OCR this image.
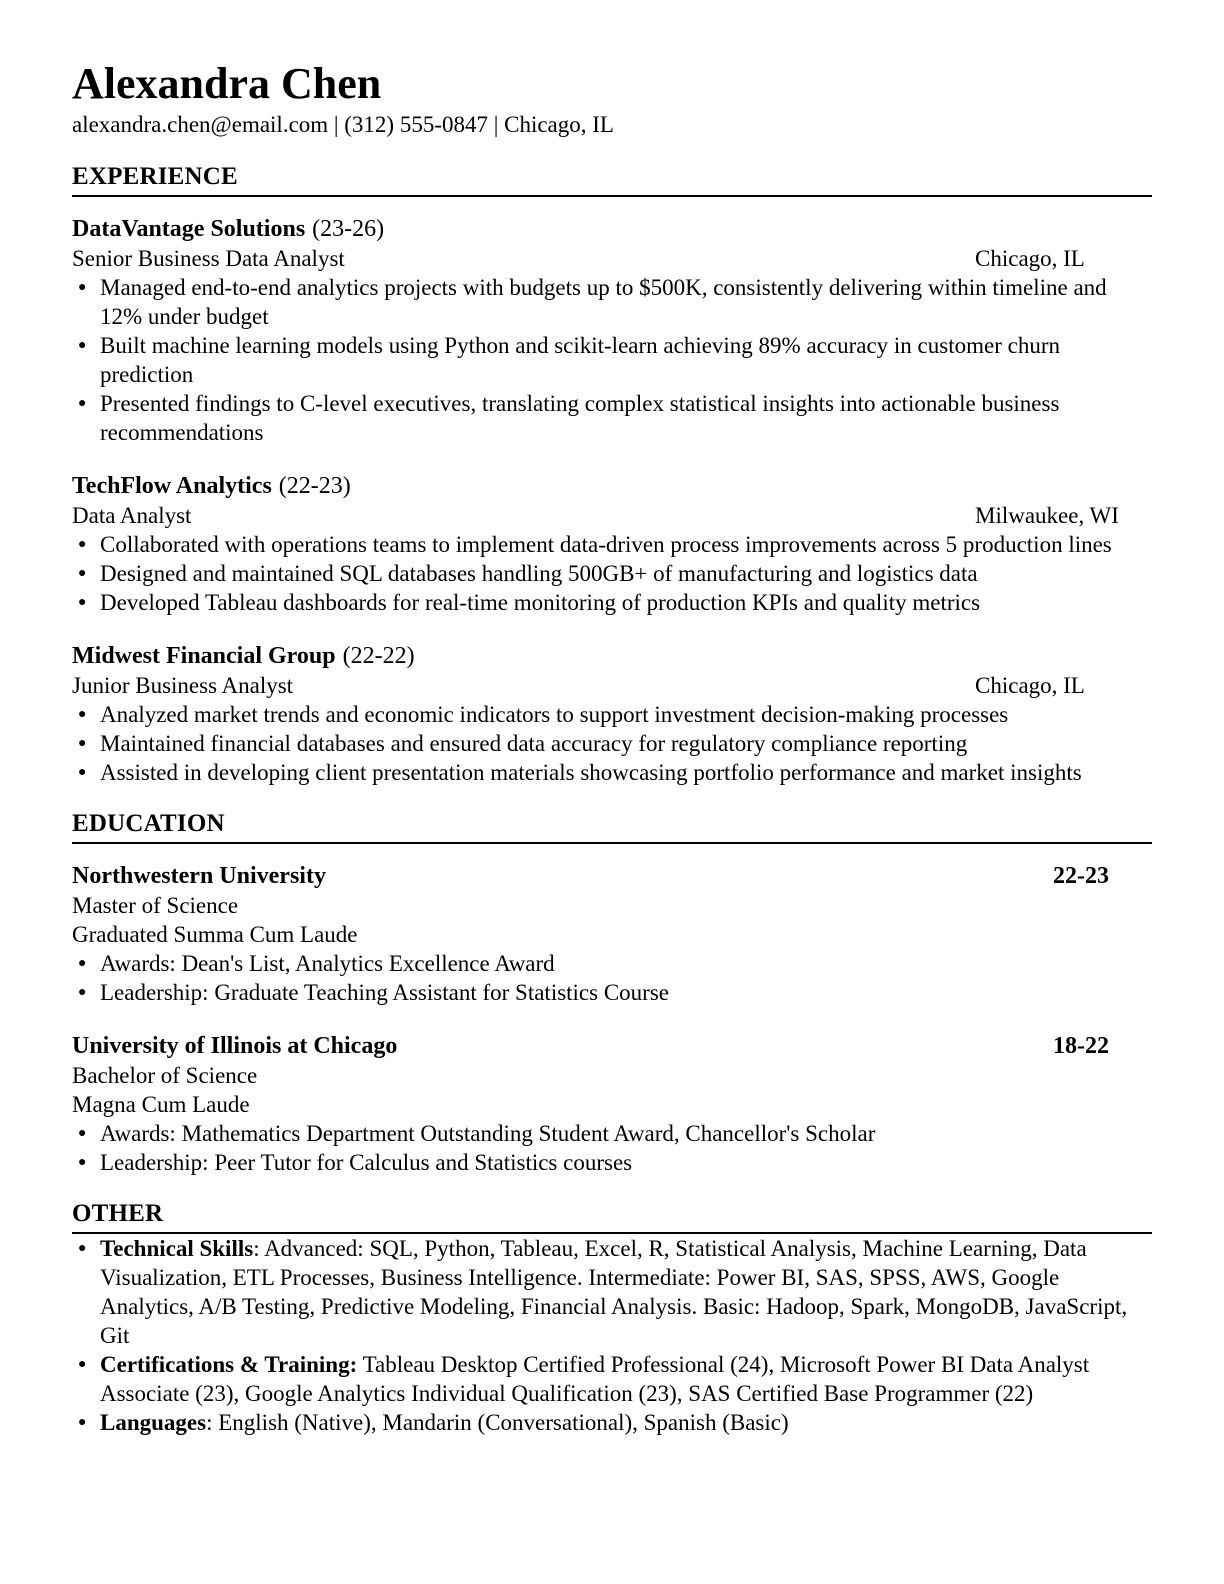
Alexandra Chen
alexandra.chen@email.com | (312) 555-0847 | Chicago, IL
EXPERIENCE
DataVantage Solutions (23-26)
Senior Business Data Analyst	Chicago, IL
● Managed end-to-end analytics projects with budgets up to $500K, consistently delivering within timeline and 12% under budget
● Built machine learning models using Python and scikit-learn achieving 89% accuracy in customer churn prediction
● Presented findings to C-level executives, translating complex statistical insights into actionable business recommendations
TechFlow Analytics (22-23)
Data Analyst	Milwaukee, WI
● Collaborated with operations teams to implement data-driven process improvements across 5 production lines
● Designed and maintained SQL databases handling 500GB+ of manufacturing and logistics data
● Developed Tableau dashboards for real-time monitoring of production KPIs and quality metrics
Midwest Financial Group (22-22)
Junior Business Analyst	Chicago, IL
● Analyzed market trends and economic indicators to support investment decision-making processes
● Maintained financial databases and ensured data accuracy for regulatory compliance reporting
● Assisted in developing client presentation materials showcasing portfolio performance and market insights
EDUCATION
Northwestern University	22-23
Master of Science
Graduated Summa Cum Laude
● Awards: Dean's List, Analytics Excellence Award
● Leadership: Graduate Teaching Assistant for Statistics Course
University of Illinois at Chicago	18-22
Bachelor of Science
Magna Cum Laude
● Awards: Mathematics Department Outstanding Student Award, Chancellor's Scholar
● Leadership: Peer Tutor for Calculus and Statistics courses
OTHER
● Technical Skills: Advanced: SQL, Python, Tableau, Excel, R, Statistical Analysis, Machine Learning, Data Visualization, ETL Processes, Business Intelligence. Intermediate: Power BI, SAS, SPSS, AWS, Google Analytics, A/B Testing, Predictive Modeling, Financial Analysis. Basic: Hadoop, Spark, MongoDB, JavaScript, Git
● Certifications & Training: Tableau Desktop Certified Professional (24), Microsoft Power BI Data Analyst Associate (23), Google Analytics Individual Qualification (23), SAS Certified Base Programmer (22)
● Languages: English (Native), Mandarin (Conversational), Spanish (Basic)
